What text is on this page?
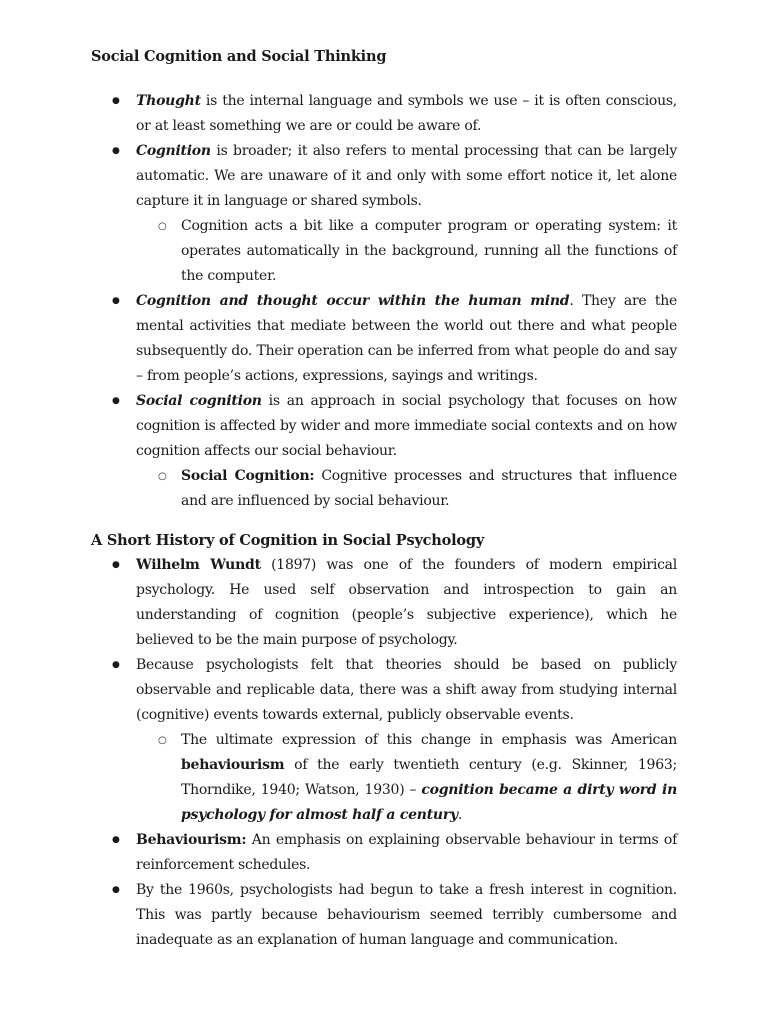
Social Cognition and Social Thinking
● Thought is the internal language and symbols we use – it is often conscious, or at least something we are or could be aware of.
● Cognition is broader; it also refers to mental processing that can be largely automatic. We are unaware of it and only with some effort notice it, let alone capture it in language or shared symbols.
○ Cognition acts a bit like a computer program or operating system: it operates automatically in the background, running all the functions of the computer.
● Cognition and thought occur within the human mind. They are the mental activities that mediate between the world out there and what people subsequently do. Their operation can be inferred from what people do and say – from people’s actions, expressions, sayings and writings.
● Social cognition is an approach in social psychology that focuses on how cognition is affected by wider and more immediate social contexts and on how cognition affects our social behaviour.
○ Social Cognition: Cognitive processes and structures that influence and are influenced by social behaviour.
A Short History of Cognition in Social Psychology
● Wilhelm Wundt (1897) was one of the founders of modern empirical psychology. He used self observation and introspection to gain an understanding of cognition (people’s subjective experience), which he believed to be the main purpose of psychology.
● Because psychologists felt that theories should be based on publicly observable and replicable data, there was a shift away from studying internal (cognitive) events towards external, publicly observable events.
○ The ultimate expression of this change in emphasis was American behaviourism of the early twentieth century (e.g. Skinner, 1963; Thorndike, 1940; Watson, 1930) – cognition became a dirty word in psychology for almost half a century.
● Behaviourism: An emphasis on explaining observable behaviour in terms of reinforcement schedules.
● By the 1960s, psychologists had begun to take a fresh interest in cognition. This was partly because behaviourism seemed terribly cumbersome and inadequate as an explanation of human language and communication.
